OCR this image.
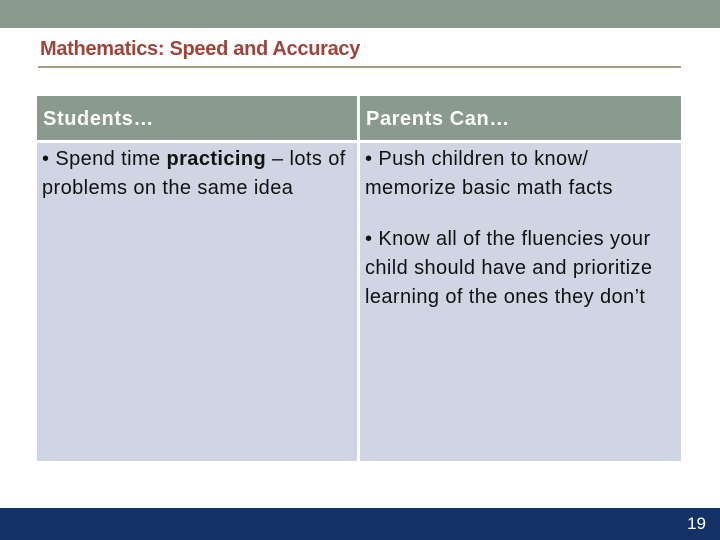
Mathematics: Speed and Accuracy
Students…	Parents Can…

• Spend time practicing – lots of problems on the same idea

• Push children to know/ memorize basic math facts

• Know all of the fluencies your child should have and prioritize learning of the ones they don’t

19
